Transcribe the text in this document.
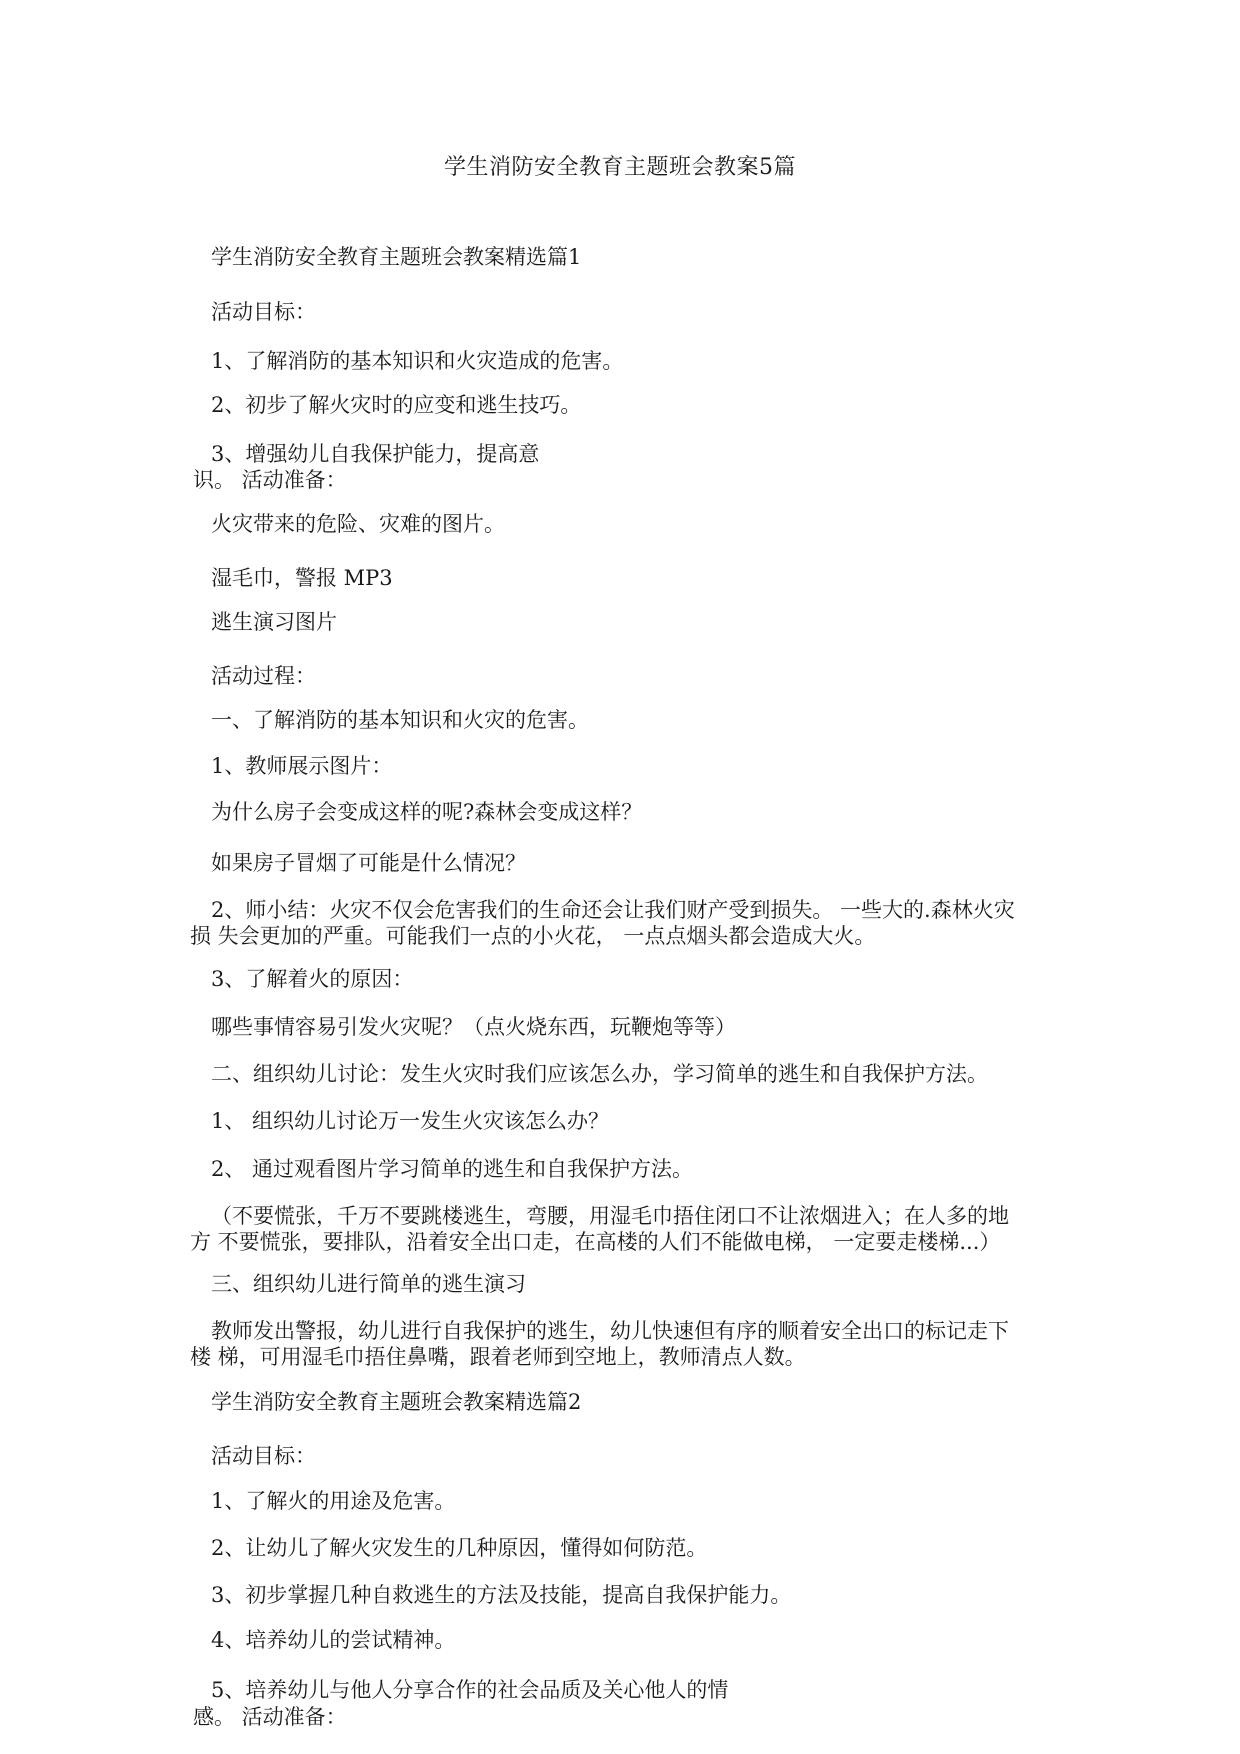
学生消防安全教育主题班会教案5篇
学生消防安全教育主题班会教案精选篇1
活动目标：
1、了解消防的基本知识和火灾造成的危害。
2、初步了解火灾时的应变和逃生技巧。
3、增强幼儿自我保护能力，提高意
识。 活动准备：
火灾带来的危险、灾难的图片。
湿毛巾，警报 MP3
逃生演习图片
活动过程：
一、了解消防的基本知识和火灾的危害。
1、教师展示图片：
为什么房子会变成这样的呢?森林会变成这样？
如果房子冒烟了可能是什么情况？
2、师小结：火灾不仅会危害我们的生命还会让我们财产受到损失。 一些大的.森林火灾
损 失会更加的严重。可能我们一点的小火花， 一点点烟头都会造成大火。
3、了解着火的原因：
哪些事情容易引发火灾呢？（点火烧东西，玩鞭炮等等）
二、组织幼儿讨论：发生火灾时我们应该怎么办，学习简单的逃生和自我保护方法。
1、 组织幼儿讨论万一发生火灾该怎么办？
2、 通过观看图片学习简单的逃生和自我保护方法。
（不要慌张，千万不要跳楼逃生，弯腰，用湿毛巾捂住闭口不让浓烟进入；在人多的地
方 不要慌张，要排队，沿着安全出口走，在高楼的人们不能做电梯， 一定要走楼梯...）
三、组织幼儿进行简单的逃生演习
教师发出警报，幼儿进行自我保护的逃生，幼儿快速但有序的顺着安全出口的标记走下
楼 梯，可用湿毛巾捂住鼻嘴，跟着老师到空地上，教师清点人数。
学生消防安全教育主题班会教案精选篇2
活动目标：
1、了解火的用途及危害。
2、让幼儿了解火灾发生的几种原因，懂得如何防范。
3、初步掌握几种自救逃生的方法及技能，提高自我保护能力。
4、培养幼儿的尝试精神。
5、培养幼儿与他人分享合作的社会品质及关心他人的情
感。 活动准备：
